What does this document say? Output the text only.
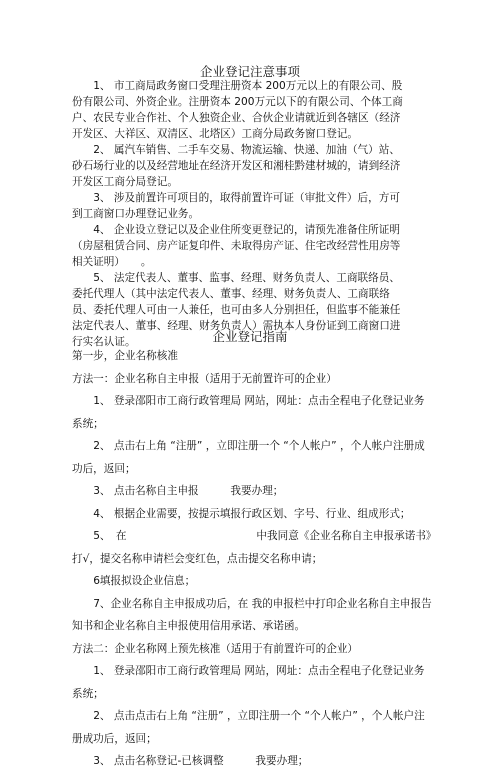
企业登记注意事项

1、 市工商局政务窗口受理注册资本 200万元以上的有限公司、股份有限公司、外资企业。注册资本 200万元以下的有限公司、个体工商户、农民专业合作社、个人独资企业、合伙企业请就近到各辖区（经济开发区、大祥区、双清区、北塔区）工商分局政务窗口登记。

2、 属汽车销售、二手车交易、物流运输、快递、加油（气）站、砂石场行业的以及经营地址在经济开发区和湘桂黔建材城的，请到经济开发区工商分局登记。

3、 涉及前置许可项目的，取得前置许可证（审批文件）后，方可到工商窗口办理登记业务。

4、 企业设立登记以及企业住所变更登记的，请预先准备住所证明（房屋租赁合同、房产证复印件、未取得房产证、住宅改经营性用房等相关证明）　　。

5、 法定代表人、董事、监事、经理、财务负责人、工商联络员、委托代理人（其中法定代表人、董事、经理、财务负责人、工商联络员、委托代理人可由一人兼任，也可由多人分别担任，但监事不能兼任法定代表人、董事、经理、财务负责人）需执本人身份证到工商窗口进行实名认证。	企业登记指南

第一步，企业名称核准

方法一：企业名称自主申报（适用于无前置许可的企业）

1、 登录邵阳市工商行政管理局 网站，网址：点击全程电子化登记业务系统；

2、 点击右上角 “注册” ，立即注册一个 “个人帐户” ，个人帐户注册成功后，返回；

3、 点击名称自主申报　　　我要办理；

4、 根据企业需要，按提示填报行政区划、字号、行业、组成形式；

5、　在	中我同意《企业名称自主申报承诺书》打√，提交名称申请栏会变红色，点击提交名称申请；

6填报拟设企业信息；

7、企业名称自主申报成功后，在 我的申报栏中打印企业名称自主申报告知书和企业名称自主申报使用信用承诺、承诺函。

方法二：企业名称网上预先核准（适用于有前置许可的企业）

1、 登录邵阳市工商行政管理局 网站，网址：点击全程电子化登记业务系统；

2、 点击点击右上角 “注册” ，立即注册一个 “个人帐户” ，个人帐户注册成功后，返回；

3、 点击名称登记-已核调整　　　我要办理；
